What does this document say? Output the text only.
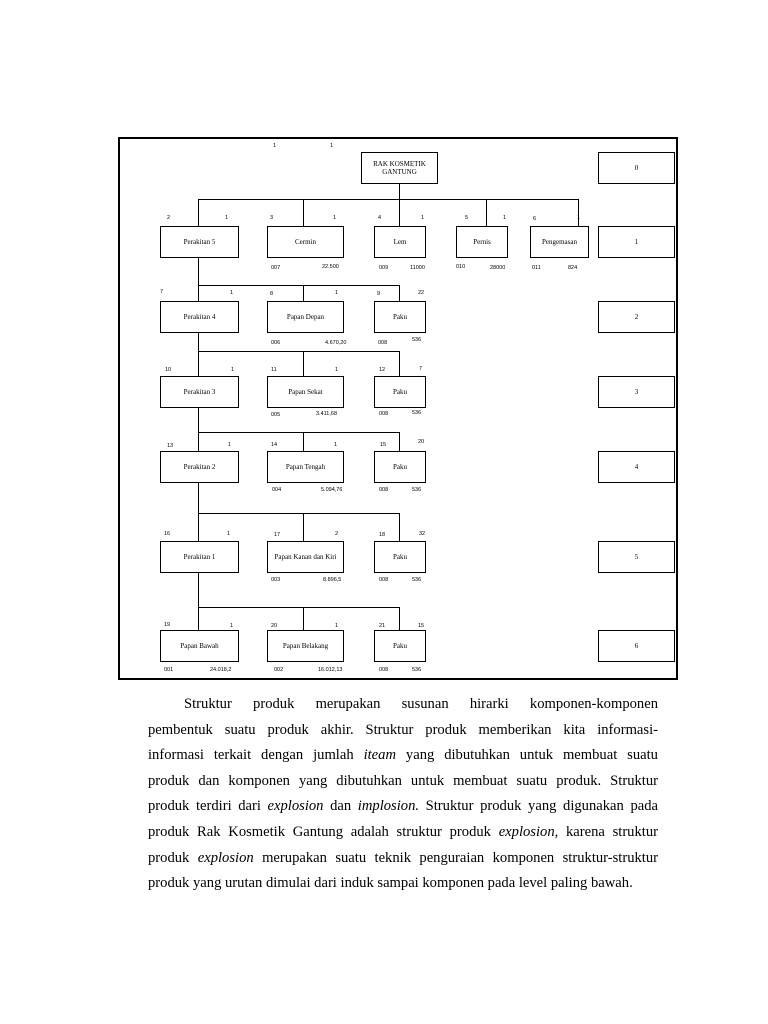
1	1
RAK KOSMETIK GANTUNG
2	1
Perakitan 5
3	1
Cermin
007	22.500
4	1
Lem
009	11000
5	1
Pernis
010	28000
6	1
Pengemasan
011	824
7	1
Perakitan 4
8	1
Papan Depan
006	4.670,20
9	22
Paku
008	536
10	1
Perakitan 3
11	1
Papan Sekat
005	3.411,68
12	7
Paku
008	536
13	1
Perakitan 2
14	1
Papan Tengah
004	5.094,76
15	20
Paku
008	536
16	1
Perakitan 1
17	2
Papan Kanan dan Kiri
003	8.896,5
18	32
Paku
008	536
19	1
Papan Bawah
001	24.018,2
20	1
Papan Belakang
002	16.012,13
21	15
Paku
008	536
0
1
2
3
4
5
6

Struktur produk merupakan susunan hirarki komponen-komponen

pembentuk suatu produk akhir. Struktur produk memberikan kita informasi-

informasi terkait dengan jumlah iteam yang dibutuhkan untuk membuat suatu

produk dan komponen yang dibutuhkan untuk membuat suatu produk. Struktur

produk terdiri dari explosion dan implosion. Struktur produk yang digunakan pada

produk Rak Kosmetik Gantung adalah struktur produk explosion, karena struktur

produk explosion merupakan suatu teknik penguraian komponen struktur-struktur

produk yang urutan dimulai dari induk sampai komponen pada level paling bawah.
